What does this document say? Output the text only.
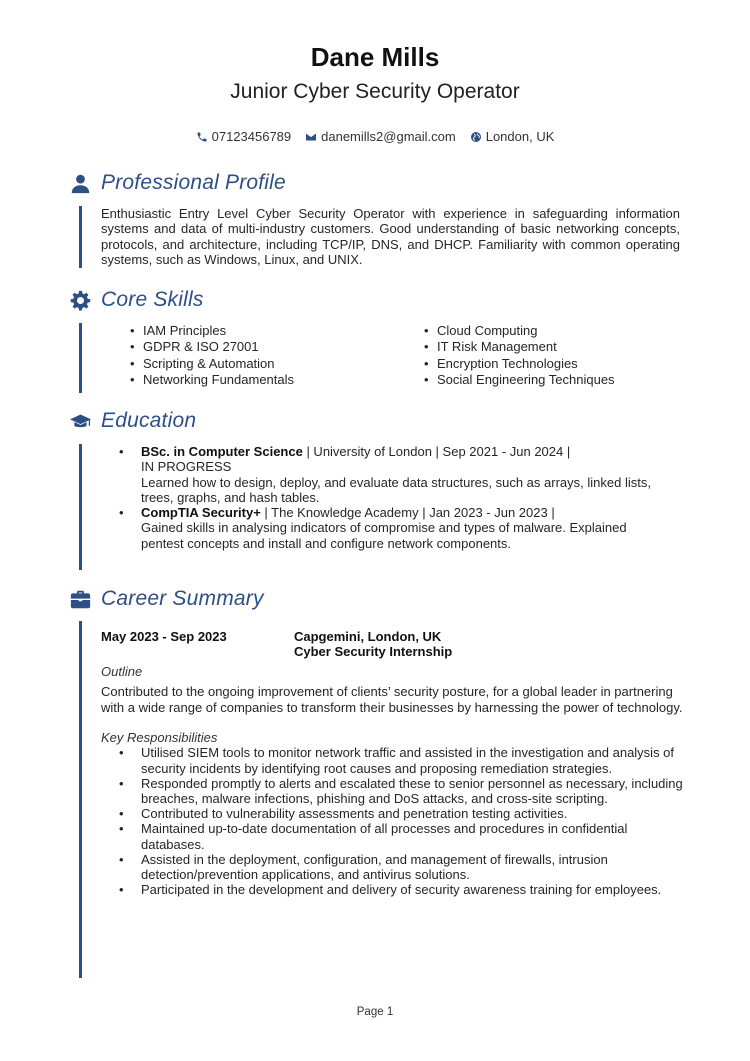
Dane Mills
Junior Cyber Security Operator
07123456789 danemills2@gmail.com London, UK
Professional Profile

Enthusiastic Entry Level Cyber Security Operator with experience in safeguarding information systems and data of multi-industry customers. Good understanding of basic networking concepts, protocols, and architecture, including TCP/IP, DNS, and DHCP. Familiarity with common operating systems, such as Windows, Linux, and UNIX.

Core Skills
• IAM Principles
• GDPR & ISO 27001
• Scripting & Automation
• Networking Fundamentals
• Cloud Computing
• IT Risk Management
• Encryption Technologies
• Social Engineering Techniques
Education
• BSc. in Computer Science | University of London | Sep 2021 - Jun 2024 |
IN PROGRESS
Learned how to design, deploy, and evaluate data structures, such as arrays, linked lists, trees, graphs, and hash tables.
• CompTIA Security+ | The Knowledge Academy | Jan 2023 - Jun 2023 |
Gained skills in analysing indicators of compromise and types of malware. Explained pentest concepts and install and configure network components.
Career Summary
May 2023 - Sep 2023	Capgemini, London, UK
Cyber Security Internship
Outline

Contributed to the ongoing improvement of clients’ security posture, for a global leader in partnering with a wide range of companies to transform their businesses by harnessing the power of technology.

Key Responsibilities
• Utilised SIEM tools to monitor network traffic and assisted in the investigation and analysis of security incidents by identifying root causes and proposing remediation strategies.
• Responded promptly to alerts and escalated these to senior personnel as necessary, including breaches, malware infections, phishing and DoS attacks, and cross-site scripting.
• Contributed to vulnerability assessments and penetration testing activities.
• Maintained up-to-date documentation of all processes and procedures in confidential databases.
• Assisted in the deployment, configuration, and management of firewalls, intrusion detection/prevention applications, and antivirus solutions.
• Participated in the development and delivery of security awareness training for employees.
Page 1
